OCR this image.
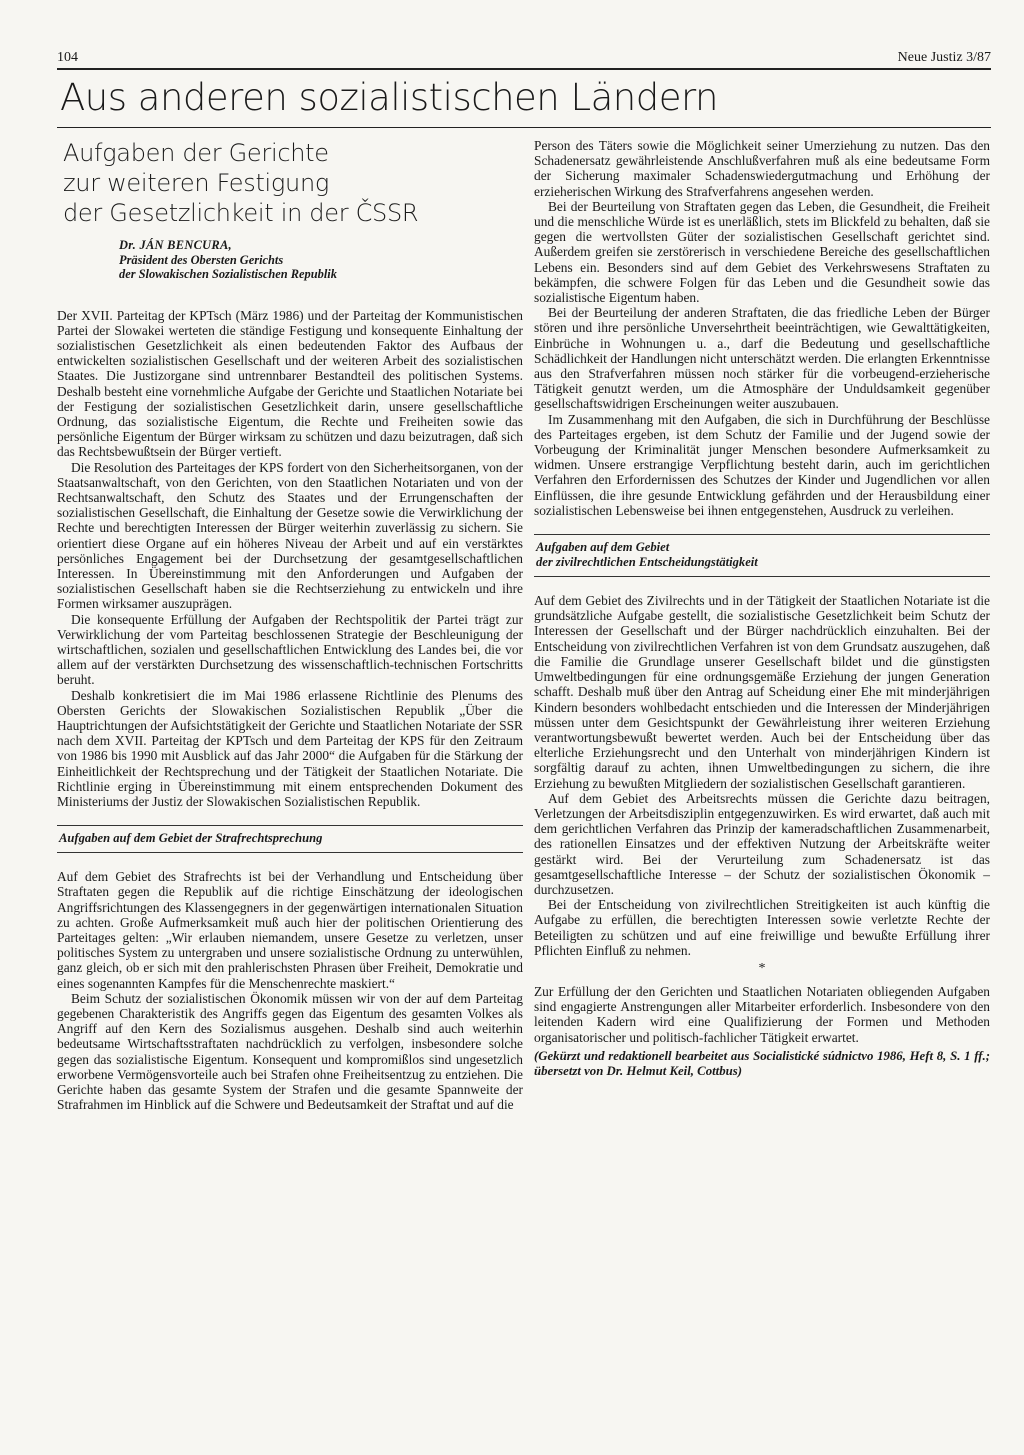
104	Neue Justiz 3/87
Aus anderen sozialistischen Ländern
Aufgaben der Gerichte
zur weiteren Festigung
der Gesetzlichkeit in der ČSSR
Dr. JÁN BENCURA,
Präsident des Obersten Gerichts
der Slowakischen Sozialistischen Republik

Der XVII. Parteitag der KPTsch (März 1986) und der Parteitag der Kommunistischen Partei der Slowakei werteten die ständige Festigung und konsequente Einhaltung der sozialistischen Gesetzlichkeit als einen bedeutenden Faktor des Aufbaus der entwickelten sozialistischen Gesellschaft und der weiteren Arbeit des sozialistischen Staates. Die Justizorgane sind untrennbarer Bestandteil des politischen Systems. Deshalb besteht eine vornehmliche Aufgabe der Gerichte und Staatlichen Notariate bei der Festigung der sozialistischen Gesetzlichkeit darin, unsere gesellschaftliche Ordnung, das sozialistische Eigentum, die Rechte und Freiheiten sowie das persönliche Eigentum der Bürger wirksam zu schützen und dazu beizutragen, daß sich das Rechtsbewußtsein der Bürger vertieft.

Die Resolution des Parteitages der KPS fordert von den Sicherheitsorganen, von der Staatsanwaltschaft, von den Gerichten, von den Staatlichen Notariaten und von der Rechtsanwaltschaft, den Schutz des Staates und der Errungenschaften der sozialistischen Gesellschaft, die Einhaltung der Gesetze sowie die Verwirklichung der Rechte und berechtigten Interessen der Bürger weiterhin zuverlässig zu sichern. Sie orientiert diese Organe auf ein höheres Niveau der Arbeit und auf ein verstärktes persönliches Engagement bei der Durchsetzung der gesamtgesellschaftlichen Interessen. In Übereinstimmung mit den Anforderungen und Aufgaben der sozialistischen Gesellschaft haben sie die Rechtserziehung zu entwickeln und ihre Formen wirksamer auszuprägen.

Die konsequente Erfüllung der Aufgaben der Rechtspolitik der Partei trägt zur Verwirklichung der vom Parteitag beschlossenen Strategie der Beschleunigung der wirtschaftlichen, sozialen und gesellschaftlichen Entwicklung des Landes bei, die vor allem auf der verstärkten Durchsetzung des wissenschaftlich-technischen Fortschritts beruht.

Deshalb konkretisiert die im Mai 1986 erlassene Richtlinie des Plenums des Obersten Gerichts der Slowakischen Sozialistischen Republik „Über die Hauptrichtungen der Aufsichtstätigkeit der Gerichte und Staatlichen Notariate der SSR nach dem XVII. Parteitag der KPTsch und dem Parteitag der KPS für den Zeitraum von 1986 bis 1990 mit Ausblick auf das Jahr 2000“ die Aufgaben für die Stärkung der Einheitlichkeit der Rechtsprechung und der Tätigkeit der Staatlichen Notariate. Die Richtlinie erging in Übereinstimmung mit einem entsprechenden Dokument des Ministeriums der Justiz der Slowakischen Sozialistischen Republik.

Aufgaben auf dem Gebiet der Strafrechtsprechung

Auf dem Gebiet des Strafrechts ist bei der Verhandlung und Entscheidung über Straftaten gegen die Republik auf die richtige Einschätzung der ideologischen Angriffsrichtungen des Klassengegners in der gegenwärtigen internationalen Situation zu achten. Große Aufmerksamkeit muß auch hier der politischen Orientierung des Parteitages gelten: „Wir erlauben niemandem, unsere Gesetze zu verletzen, unser politisches System zu untergraben und unsere sozialistische Ordnung zu unterwühlen, ganz gleich, ob er sich mit den prahlerischsten Phrasen über Freiheit, Demokratie und eines sogenannten Kampfes für die Menschenrechte maskiert.“

Beim Schutz der sozialistischen Ökonomik müssen wir von der auf dem Parteitag gegebenen Charakteristik des Angriffs gegen das Eigentum des gesamten Volkes als Angriff auf den Kern des Sozialismus ausgehen. Deshalb sind auch weiterhin bedeutsame Wirtschaftsstraftaten nachdrücklich zu verfolgen, insbesondere solche gegen das sozialistische Eigentum. Konsequent und kompromißlos sind ungesetzlich erworbene Vermögensvorteile auch bei Strafen ohne Freiheitsentzug zu entziehen. Die Gerichte haben das gesamte System der Strafen und die gesamte Spannweite der Strafrahmen im Hinblick auf die Schwere und Bedeutsamkeit der Straftat und auf die

Person des Täters sowie die Möglichkeit seiner Umerziehung zu nutzen. Das den Schadenersatz gewährleistende Anschlußverfahren muß als eine bedeutsame Form der Sicherung maximaler Schadenswiedergutmachung und Erhöhung der erzieherischen Wirkung des Strafverfahrens angesehen werden.

Bei der Beurteilung von Straftaten gegen das Leben, die Gesundheit, die Freiheit und die menschliche Würde ist es unerläßlich, stets im Blickfeld zu behalten, daß sie gegen die wertvollsten Güter der sozialistischen Gesellschaft gerichtet sind. Außerdem greifen sie zerstörerisch in verschiedene Bereiche des gesellschaftlichen Lebens ein. Besonders sind auf dem Gebiet des Verkehrswesens Straftaten zu bekämpfen, die schwere Folgen für das Leben und die Gesundheit sowie das sozialistische Eigentum haben.

Bei der Beurteilung der anderen Straftaten, die das friedliche Leben der Bürger stören und ihre persönliche Unversehrtheit beeinträchtigen, wie Gewalttätigkeiten, Einbrüche in Wohnungen u. a., darf die Bedeutung und gesellschaftliche Schädlichkeit der Handlungen nicht unterschätzt werden. Die erlangten Erkenntnisse aus den Strafverfahren müssen noch stärker für die vorbeugend-erzieherische Tätigkeit genutzt werden, um die Atmosphäre der Unduldsamkeit gegenüber gesellschaftswidrigen Erscheinungen weiter auszubauen.

Im Zusammenhang mit den Aufgaben, die sich in Durchführung der Beschlüsse des Parteitages ergeben, ist dem Schutz der Familie und der Jugend sowie der Vorbeugung der Kriminalität junger Menschen besondere Aufmerksamkeit zu widmen. Unsere erstrangige Verpflichtung besteht darin, auch im gerichtlichen Verfahren den Erfordernissen des Schutzes der Kinder und Jugendlichen vor allen Einflüssen, die ihre gesunde Entwicklung gefährden und der Herausbildung einer sozialistischen Lebensweise bei ihnen entgegenstehen, Ausdruck zu verleihen.

Aufgaben auf dem Gebiet
der zivilrechtlichen Entscheidungstätigkeit

Auf dem Gebiet des Zivilrechts und in der Tätigkeit der Staatlichen Notariate ist die grundsätzliche Aufgabe gestellt, die sozialistische Gesetzlichkeit beim Schutz der Interessen der Gesellschaft und der Bürger nachdrücklich einzuhalten. Bei der Entscheidung von zivilrechtlichen Verfahren ist von dem Grundsatz auszugehen, daß die Familie die Grundlage unserer Gesellschaft bildet und die günstigsten Umweltbedingungen für eine ordnungsgemäße Erziehung der jungen Generation schafft. Deshalb muß über den Antrag auf Scheidung einer Ehe mit minderjährigen Kindern besonders wohlbedacht entschieden und die Interessen der Minderjährigen müssen unter dem Gesichtspunkt der Gewährleistung ihrer weiteren Erziehung verantwortungsbewußt bewertet werden. Auch bei der Entscheidung über das elterliche Erziehungsrecht und den Unterhalt von minderjährigen Kindern ist sorgfältig darauf zu achten, ihnen Umweltbedingungen zu sichern, die ihre Erziehung zu bewußten Mitgliedern der sozialistischen Gesellschaft garantieren.

Auf dem Gebiet des Arbeitsrechts müssen die Gerichte dazu beitragen, Verletzungen der Arbeitsdisziplin entgegenzuwirken. Es wird erwartet, daß auch mit dem gerichtlichen Verfahren das Prinzip der kameradschaftlichen Zusammenarbeit, des rationellen Einsatzes und der effektiven Nutzung der Arbeitskräfte weiter gestärkt wird. Bei der Verurteilung zum Schadenersatz ist das gesamtgesellschaftliche Interesse – der Schutz der sozialistischen Ökonomik – durchzusetzen.

Bei der Entscheidung von zivilrechtlichen Streitigkeiten ist auch künftig die Aufgabe zu erfüllen, die berechtigten Interessen sowie verletzte Rechte der Beteiligten zu schützen und auf eine freiwillige und bewußte Erfüllung ihrer Pflichten Einfluß zu nehmen.

*

Zur Erfüllung der den Gerichten und Staatlichen Notariaten obliegenden Aufgaben sind engagierte Anstrengungen aller Mitarbeiter erforderlich. Insbesondere von den leitenden Kadern wird eine Qualifizierung der Formen und Methoden organisatorischer und politisch-fachlicher Tätigkeit erwartet.

(Gekürzt und redaktionell bearbeitet aus Socialistické súdnictvo 1986, Heft 8, S. 1 ff.; übersetzt von Dr. Helmut Keil, Cottbus)
